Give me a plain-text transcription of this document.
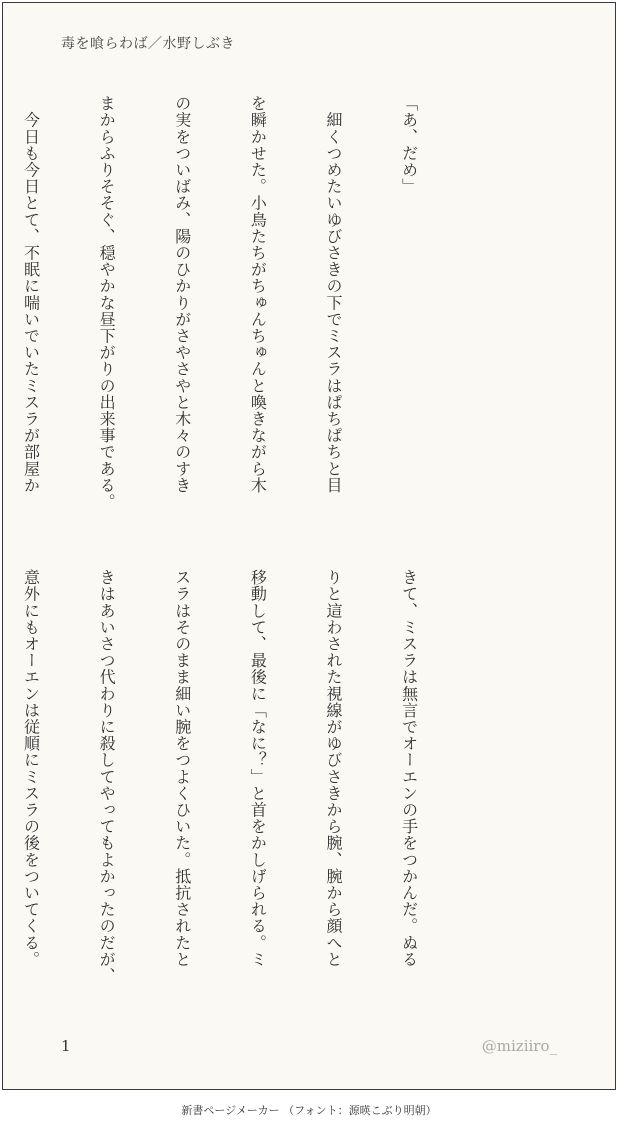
毒を喰らわば／水野しぶき

「あ、だめ」

　細くつめたいゆびさきの下でミスラはぱちぱちと目

を瞬かせた。小鳥たちがちゅんちゅんと喚きながら木

の実をついばみ、陽のひかりがさやさやと木々のすき

まからふりそそぐ、穏やかな昼下がりの出来事である。

　今日も今日とて、不眠に喘いでいたミスラが部屋か

きて、ミスラは無言でオーエンの手をつかんだ。ぬる

りと這わされた視線がゆびさきから腕、腕から顔へと

移動して、最後に「なに？」と首をかしげられる。ミ

スラはそのまま細い腕をつよくひいた。抵抗されたと

きはあいさつ代わりに殺してやってもよかったのだが、

意外にもオーエンは従順にミスラの後をついてくる。

1	@miziiro_
新書ページメーカー （フォント：源暎こぶり明朝）
